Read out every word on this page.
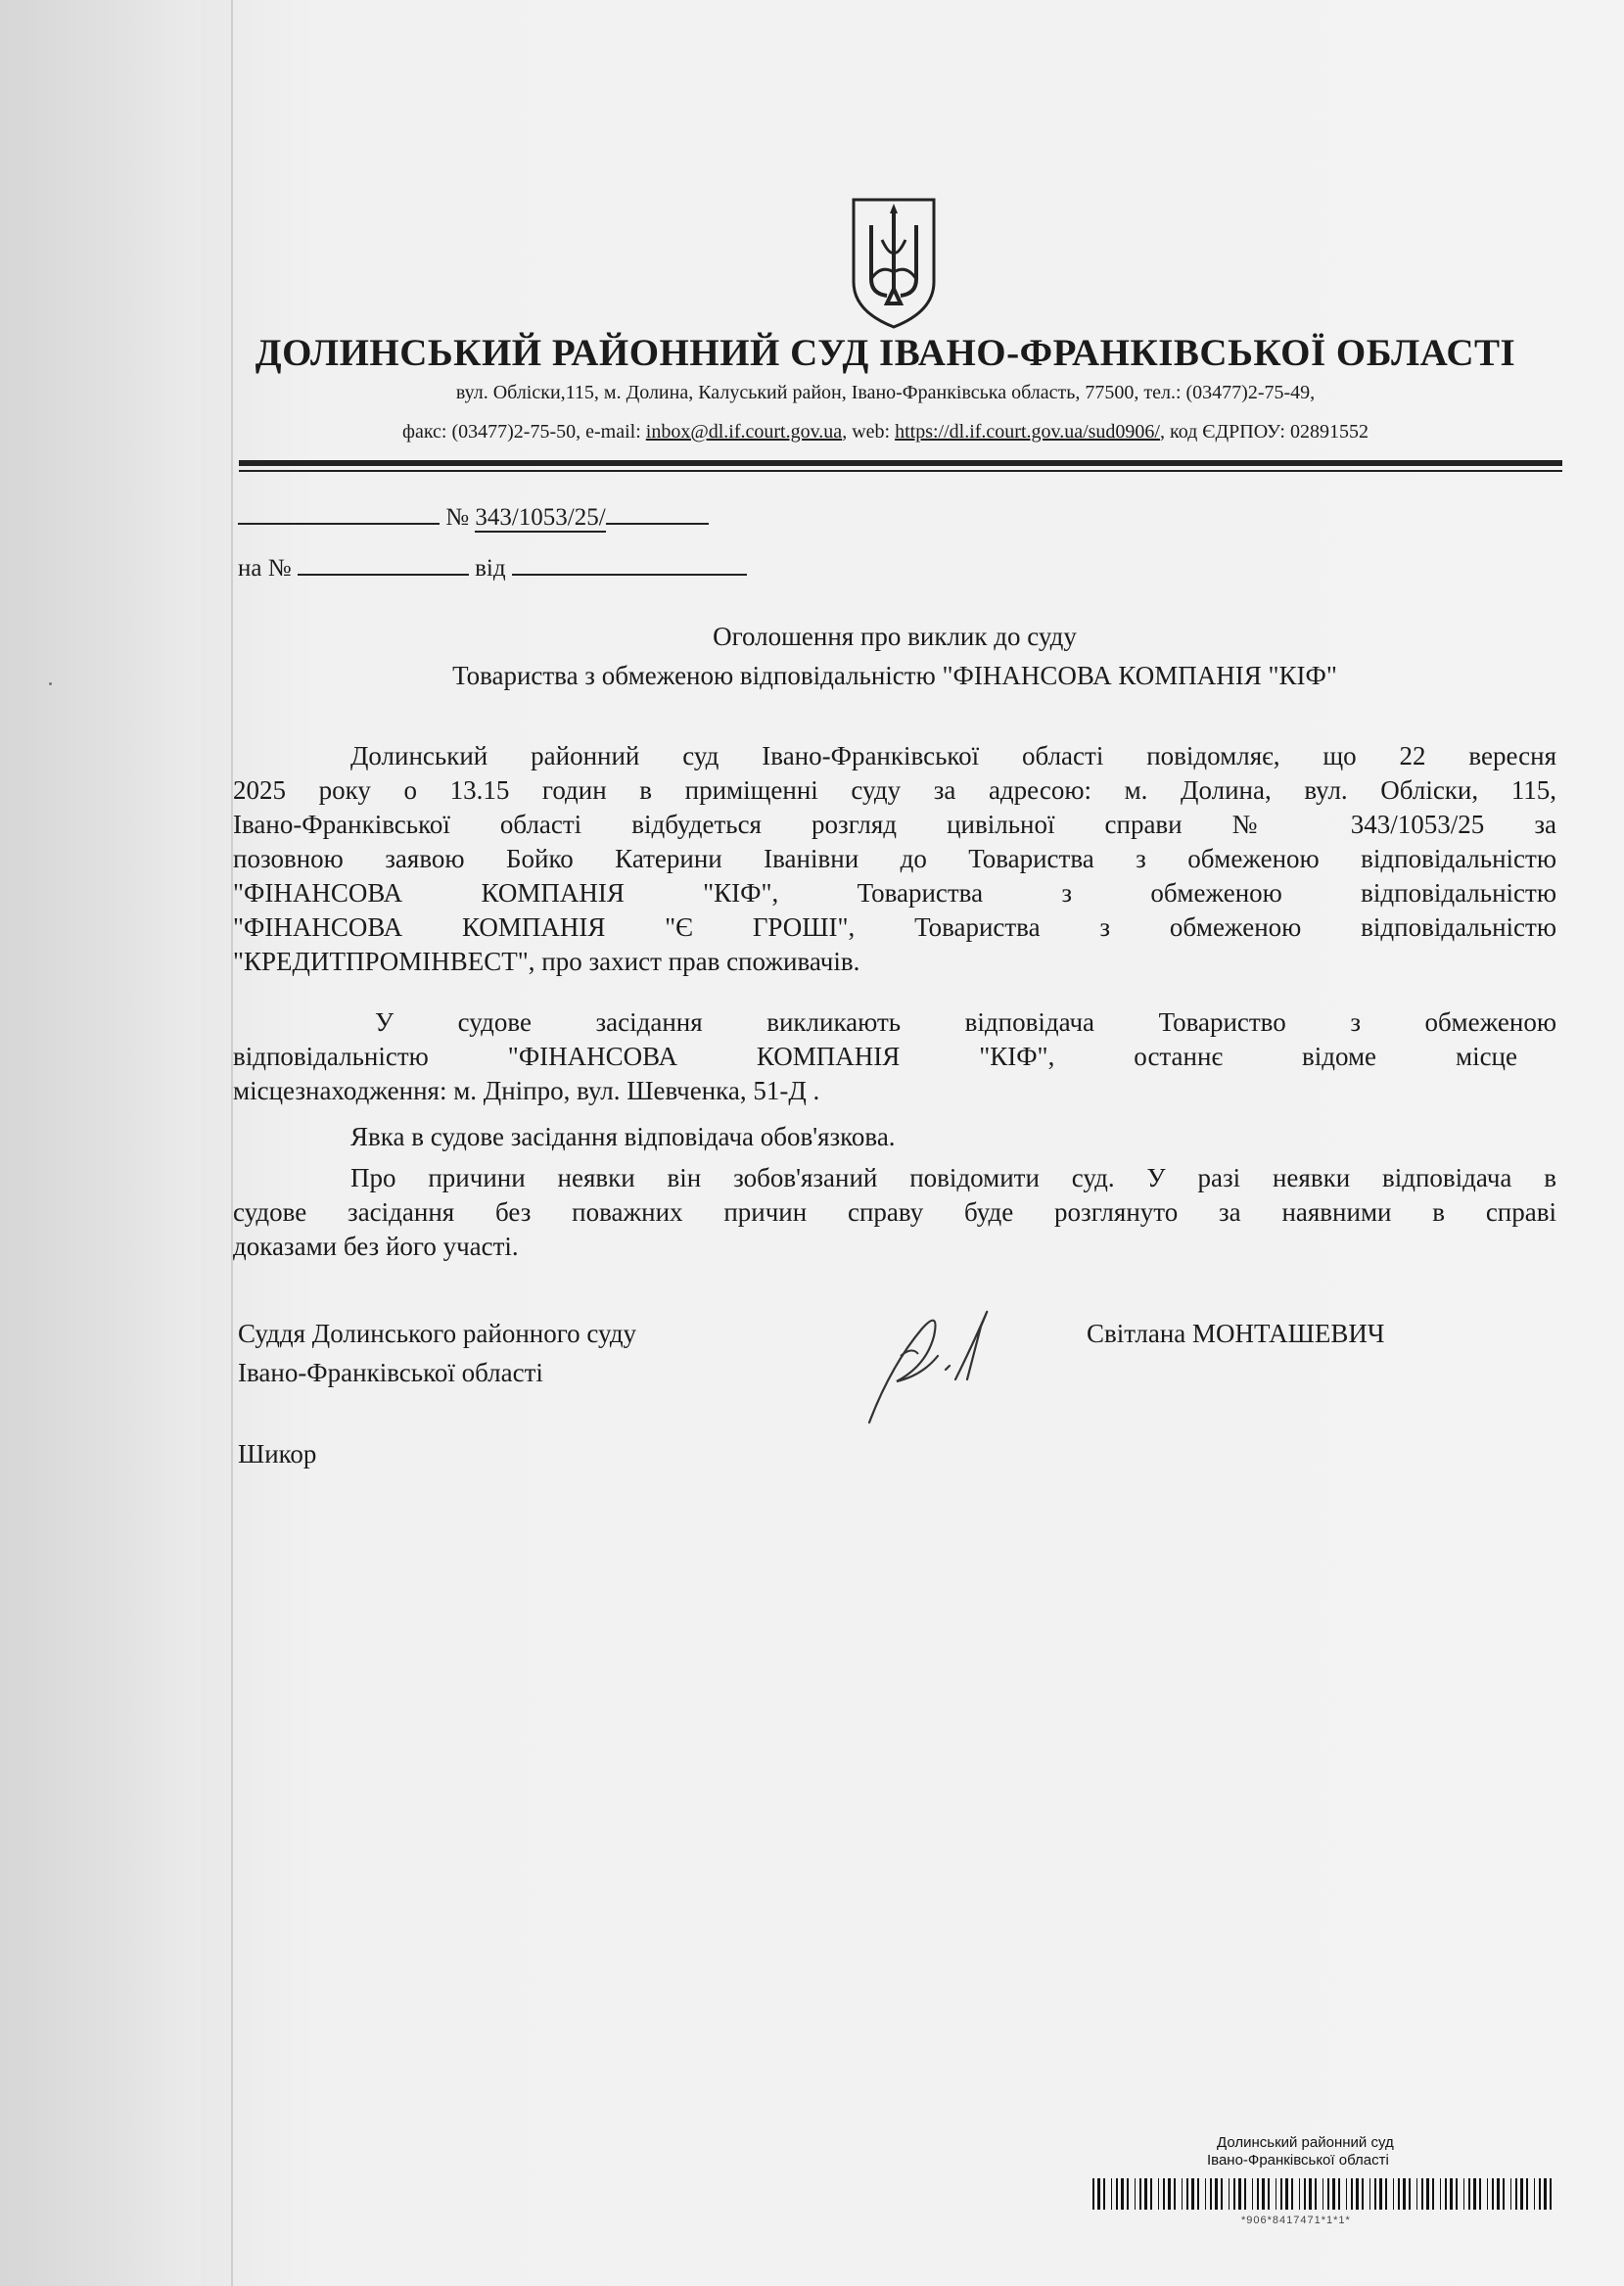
ДОЛИНСЬКИЙ РАЙОННИЙ СУД ІВАНО-ФРАНКІВСЬКОЇ ОБЛАСТІ
вул. Обліски,115, м. Долина, Калуський район, Івано-Франківська область, 77500, тел.: (03477)2-75-49,
факс: (03477)2-75-50, e-mail: inbox@dl.if.court.gov.ua, web: https://dl.if.court.gov.ua/sud0906/, код ЄДРПОУ: 02891552
№ 343/1053/25/
на №	від
Оголошення про виклик до суду
Товариства з обмеженою відповідальністю "ФІНАНСОВА КОМПАНІЯ "КІФ"
Долинський районний суд Івано-Франківської області повідомляє, що 22 вересня
2025 року о 13.15 годин в приміщенні суду за адресою: м. Долина, вул. Обліски, 115,
Івано-Франківської області відбудеться розгляд цивільної справи № 343/1053/25 за
позовною заявою Бойко Катерини Іванівни до Товариства з обмеженою відповідальністю
"ФІНАНСОВА КОМПАНІЯ "КІФ", Товариства з обмеженою відповідальністю
"ФІНАНСОВА КОМПАНІЯ "Є ГРОШІ", Товариства з обмеженою відповідальністю
"КРЕДИТПРОМІНВЕСТ", про захист прав споживачів.
У судове засідання викликають відповідача Товариство з обмеженою
відповідальністю "ФІНАНСОВА КОМПАНІЯ "КІФ", останнє відоме місце
місцезнаходження: м. Дніпро, вул. Шевченка, 51-Д .
Явка в судове засідання відповідача обов'язкова.
Про причини неявки він зобов'язаний повідомити суд. У разі неявки відповідача в
судове засідання без поважних причин справу буде розглянуто за наявними в справі
доказами без його участі.
Суддя Долинського районного суду
Івано-Франківської області
Світлана МОНТАШЕВИЧ
Шикор
Долинський районний суд
Івано-Франківської області
*906*8417471*1*1*
